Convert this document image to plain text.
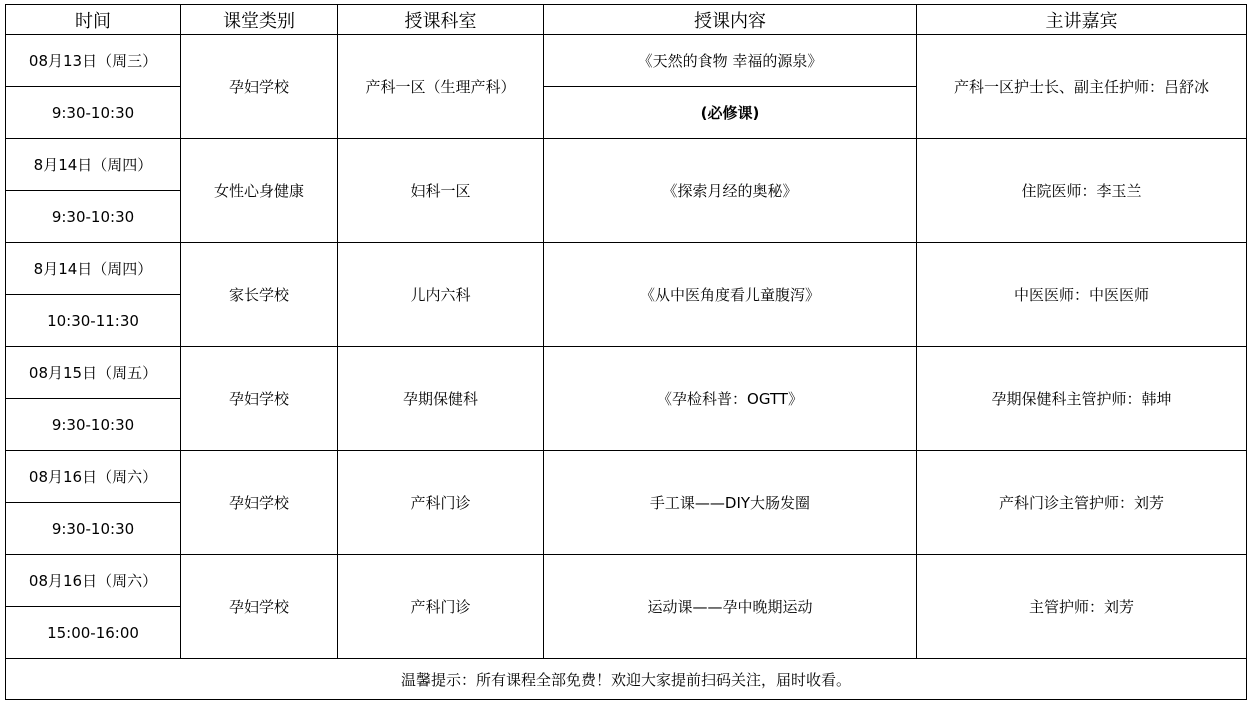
时间	课堂类别	授课科室	授课内容	主讲嘉宾
08月13日（周三）	孕妇学校	产科一区（生理产科）	《天然的食物 幸福的源泉》	产科一区护士长、副主任护师：吕舒冰
9:30-10:30			(必修课)	
8月14日（周四）	女性心身健康	妇科一区	《探索月经的奥秘》	住院医师：李玉兰
9:30-10:30				
8月14日（周四）	家长学校	儿内六科	《从中医角度看儿童腹泻》	中医医师：中医医师
10:30-11:30				
08月15日（周五）	孕妇学校	孕期保健科	《孕检科普：OGTT》	孕期保健科主管护师：韩坤
9:30-10:30				
08月16日（周六）	孕妇学校	产科门诊	手工课——DIY大肠发圈	产科门诊主管护师：刘芳
9:30-10:30				
08月16日（周六）	孕妇学校	产科门诊	运动课——孕中晚期运动	主管护师：刘芳
15:00-16:00				
温馨提示：所有课程全部免费！欢迎大家提前扫码关注，届时收看。				
